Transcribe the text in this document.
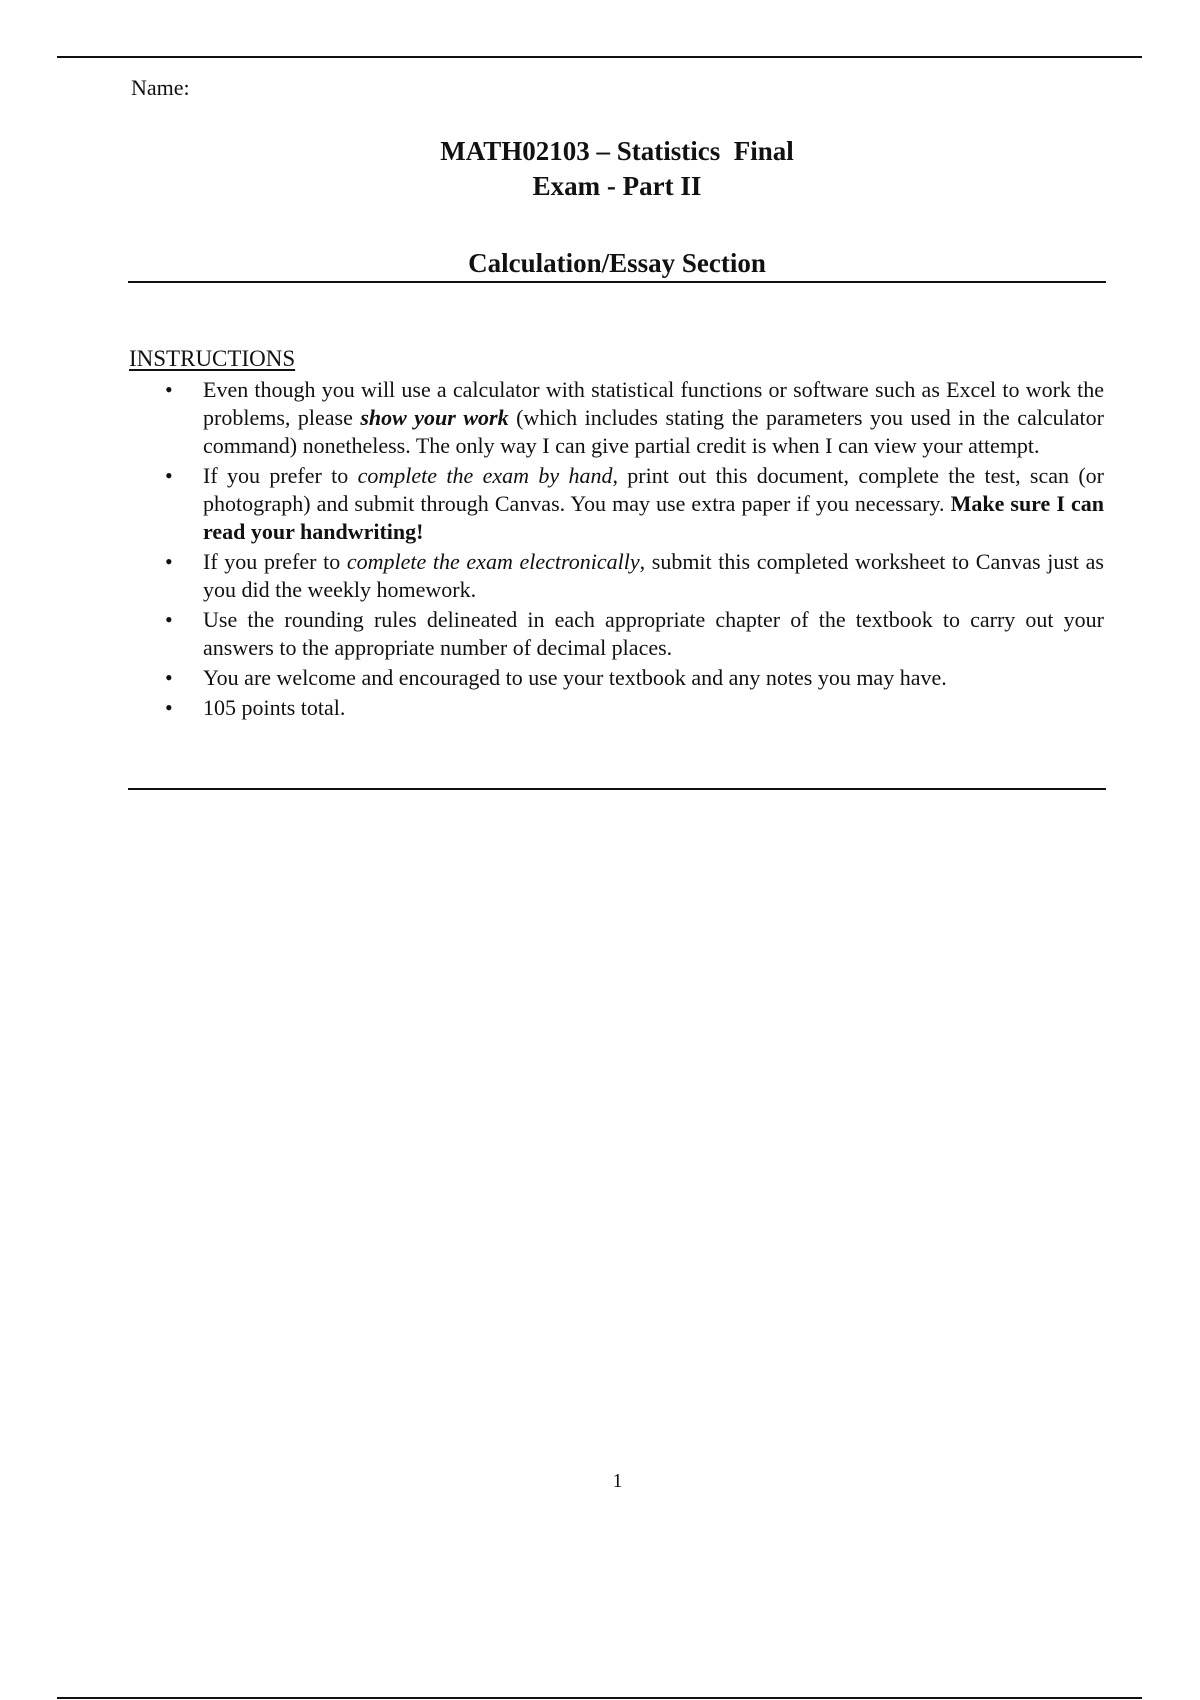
Name:
MATH02103 – Statistics  Final
Exam - Part II
Calculation/Essay Section
INSTRUCTIONS
• Even though you will use a calculator with statistical functions or software such as Excel to work the problems, please show your work (which includes stating the parameters you used in the calculator command) nonetheless. The only way I can give partial credit is when I can view your attempt.
• If you prefer to complete the exam by hand, print out this document, complete the test, scan (or photograph) and submit through Canvas. You may use extra paper if you necessary. Make sure I can read your handwriting!
• If you prefer to complete the exam electronically, submit this completed worksheet to Canvas just as you did the weekly homework.
• Use the rounding rules delineated in each appropriate chapter of the textbook to carry out your answers to the appropriate number of decimal places.
• You are welcome and encouraged to use your textbook and any notes you may have.
• 105 points total.
1
